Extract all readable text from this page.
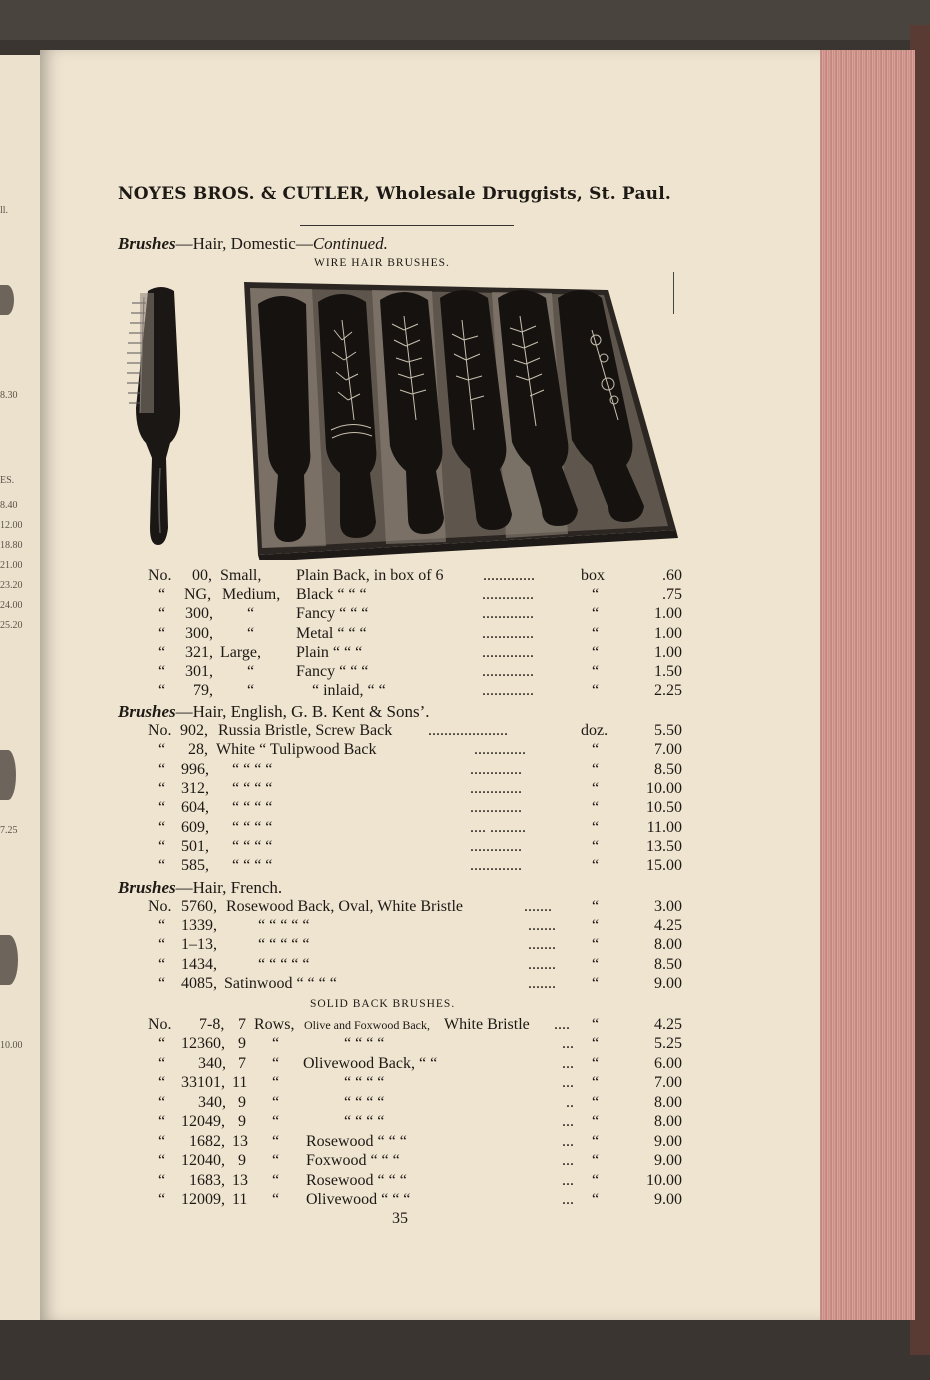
ll.
8.30
ES.
8.40
12.00
18.80
21.00
23.20
24.00
25.20
7.25
10.00
NOYES BROS. & CUTLER, Wholesale Druggists, St. Paul.
Brushes—Hair, Domestic—Continued.
WIRE HAIR BRUSHES.
No. 00, Small, Plain Back, in box of 6 .............	box	.60
“ NG, Medium, Black “ “ “	.............	“	.75
“ 300, “	Fancy “ “ “	.............	“	1.00
“ 300, “	Metal “ “ “	.............	“	1.00
“ 321, Large, Plain “ “ “	.............	“	1.00
“ 301, “	Fancy “ “ “	.............	“	1.50
“ 79, “	“ inlaid, “ “	.............	“	2.25
Brushes—Hair, English, G. B. Kent & Sons’.
No. 902, Russia Bristle, Screw Back ....................	doz.	5.50
“ 28, White “ Tulipwood Back	.............	“	7.00
“ 996, “ “ “ “	.............	“	8.50
“ 312, “ “ “ “	.............	“	10.00
“ 604, “ “ “ “	.............	“	10.50
“ 609, “ “ “ “	.... .........	“	11.00
“ 501, “ “ “ “	.............	“	13.50
“ 585, “ “ “ “	.............	“	15.00
Brushes—Hair, French.
No. 5760, Rosewood Back, Oval, White Bristle	.......	“	3.00
“ 1339,	“ “ “ “ “	....... “	4.25
“ 1–13,	“ “ “ “ “	....... “	8.00
“ 1434,	“ “ “ “ “	....... “	8.50
“ 4085, Satinwood “ “ “ “	....... “	9.00
SOLID BACK BRUSHES.
No. 7-8, 7 Rows, Olive and Foxwood Back, White Bristle .... “	4.25
“ 12360, 9 “	“ “ “ “	... “	5.25
“ 340, 7 “ Olivewood Back, “ “	... “	6.00
“ 33101, 11 “	“ “ “ “	... “	7.00
“ 340, 9 “	“ “ “ “	.. “	8.00
“ 12049, 9 “	“ “ “ “	... “	8.00
“ 1682, 13 “ Rosewood “ “ “	... “	9.00
“ 12040, 9 “ Foxwood “ “ “	... “	9.00
“ 1683, 13 “ Rosewood “ “ “	... “	10.00
“ 12009, 11 “ Olivewood “ “ “	... “	9.00
35
